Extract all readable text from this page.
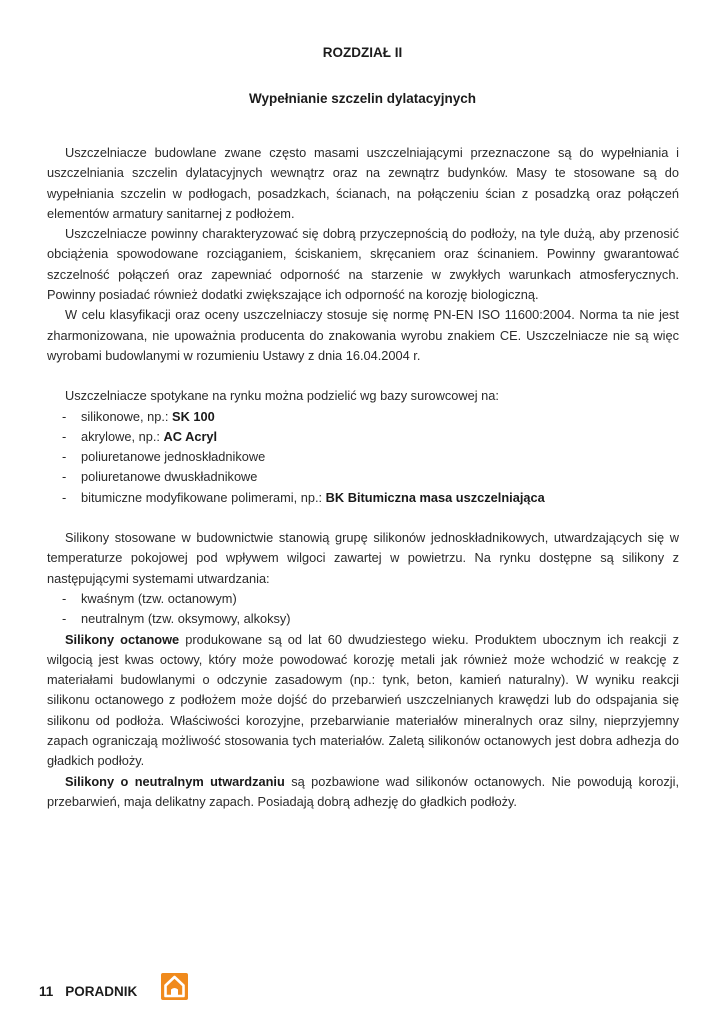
ROZDZIAŁ II
Wypełnianie szczelin dylatacyjnych

Uszczelniacze budowlane zwane często masami uszczelniającymi przeznaczone są do wypełniania i uszczelniania szczelin dylatacyjnych wewnątrz oraz na zewnątrz budynków. Masy te stosowane są do wypełniania szczelin w podłogach, posadzkach, ścianach, na połączeniu ścian z posadzką oraz połączeń elementów armatury sanitarnej z podłożem.

Uszczelniacze powinny charakteryzować się dobrą przyczepnością do podłoży, na tyle dużą, aby przenosić obciążenia spowodowane rozciąganiem, ściskaniem, skręcaniem oraz ścinaniem. Powinny gwarantować szczelność połączeń oraz zapewniać odporność na starzenie w zwykłych warunkach atmosferycznych. Powinny posiadać również dodatki zwiększające ich odporność na korozję biologiczną.

W celu klasyfikacji oraz oceny uszczelniaczy stosuje się normę PN-EN ISO 11600:2004. Norma ta nie jest zharmonizowana, nie upoważnia producenta do znakowania wyrobu znakiem CE. Uszczelniacze nie są więc wyrobami budowlanymi w rozumieniu Ustawy z dnia 16.04.2004 r.

Uszczelniacze spotykane na rynku można podzielić wg bazy surowcowej na:

- silikonowe, np.: SK 100
- akrylowe, np.: AC Acryl
- poliuretanowe jednoskładnikowe
- poliuretanowe dwuskładnikowe
- bitumiczne modyfikowane polimerami, np.: BK Bitumiczna masa uszczelniająca

Silikony stosowane w budownictwie stanowią grupę silikonów jednoskładnikowych, utwardzających się w temperaturze pokojowej pod wpływem wilgoci zawartej w powietrzu. Na rynku dostępne są silikony z następującymi systemami utwardzania:

- kwaśnym (tzw. octanowym)
- neutralnym (tzw. oksymowy, alkoksy)

Silikony octanowe produkowane są od lat 60 dwudziestego wieku. Produktem ubocznym ich reakcji z wilgocią jest kwas octowy, który może powodować korozję metali jak również może wchodzić w reakcję z materiałami budowlanymi o odczynie zasadowym (np.: tynk, beton, kamień naturalny). W wyniku reakcji silikonu octanowego z podłożem może dojść do przebarwień uszczelnianych krawędzi lub do odspajania się silikonu od podłoża. Właściwości korozyjne, przebarwianie materiałów mineralnych oraz silny, nieprzyjemny zapach ograniczają możliwość stosowania tych materiałów. Zaletą silikonów octanowych jest dobra adhezja do gładkich podłoży.

Silikony o neutralnym utwardzaniu są pozbawione wad silikonów octanowych. Nie powodują korozji, przebarwień, maja delikatny zapach. Posiadają dobrą adhezję do gładkich podłoży.

11 PORADNIK
